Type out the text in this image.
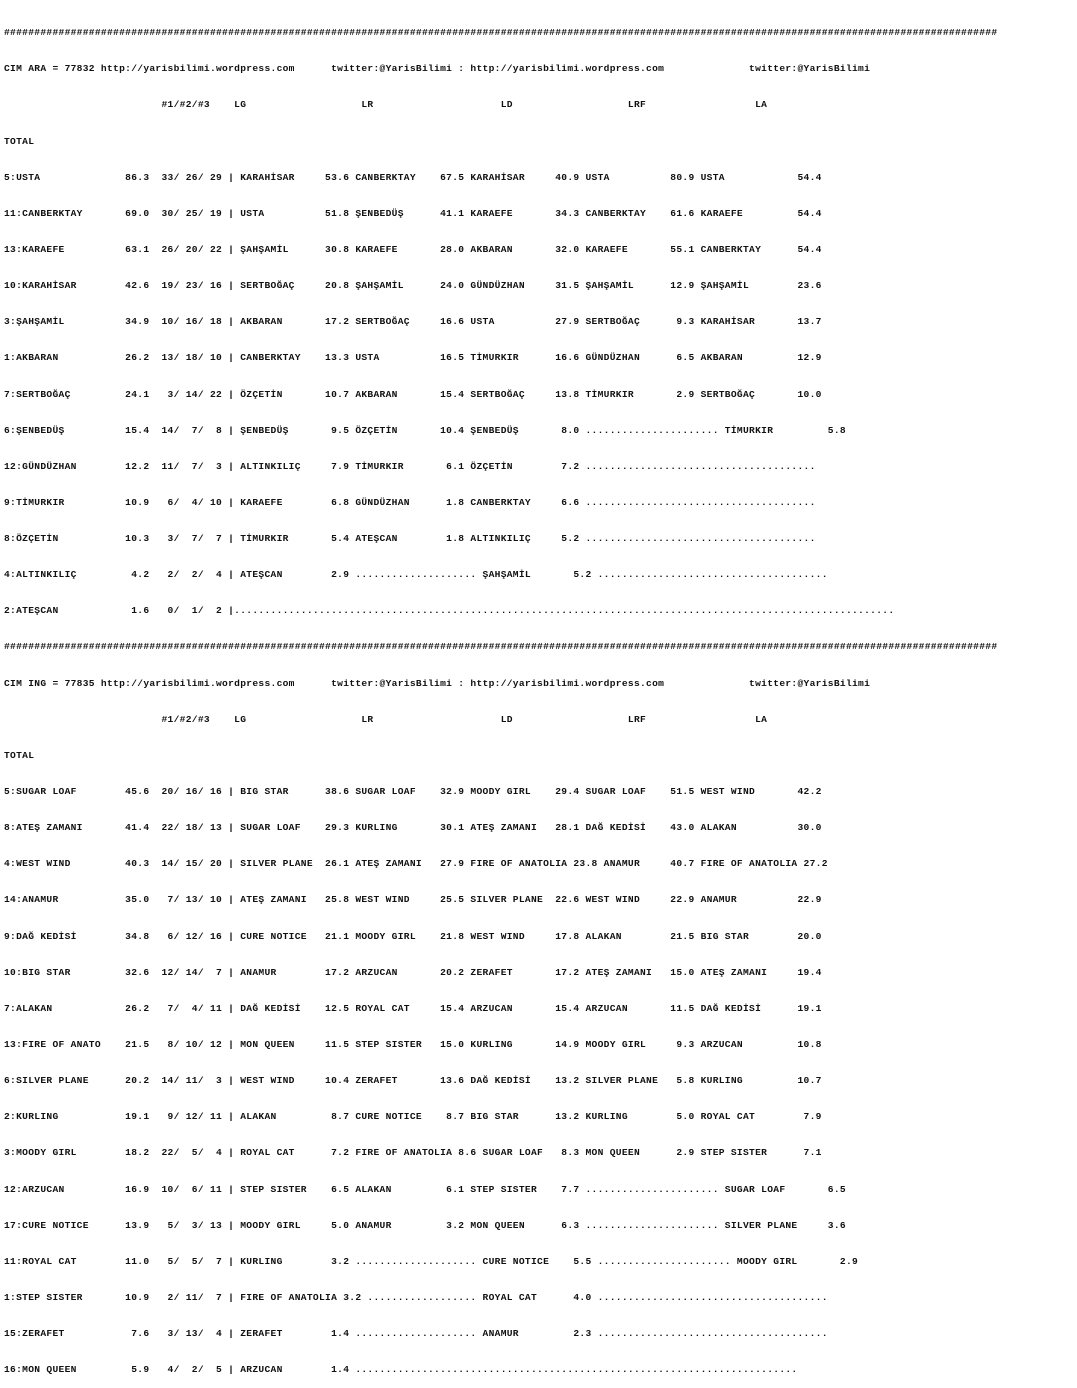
####################################################################################################################################################################

CIM ARA = 77832 http://yarisbilimi.wordpress.com      twitter:@YarisBilimi : http://yarisbilimi.wordpress.com              twitter:@YarisBilimi

#1/#2/#3    LG                   LR                     LD                   LRF                  LA

TOTAL

5:USTA              86.3  33/ 26/ 29 | KARAHİSAR     53.6 CANBERKTAY    67.5 KARAHİSAR     40.9 USTA          80.9 USTA            54.4

11:CANBERKTAY       69.0  30/ 25/ 19 | USTA          51.8 ŞENBEDÜŞ      41.1 KARAEFE       34.3 CANBERKTAY    61.6 KARAEFE         54.4

13:KARAEFE          63.1  26/ 20/ 22 | ŞAHŞAMİL      30.8 KARAEFE       28.0 AKBARAN       32.0 KARAEFE       55.1 CANBERKTAY      54.4

10:KARAHİSAR        42.6  19/ 23/ 16 | SERTBOĞAÇ     20.8 ŞAHŞAMİL      24.0 GÜNDÜZHAN     31.5 ŞAHŞAMİL      12.9 ŞAHŞAMİL        23.6

3:ŞAHŞAMİL          34.9  10/ 16/ 18 | AKBARAN       17.2 SERTBOĞAÇ     16.6 USTA          27.9 SERTBOĞAÇ      9.3 KARAHİSAR       13.7

1:AKBARAN           26.2  13/ 18/ 10 | CANBERKTAY    13.3 USTA          16.5 TİMURKIR      16.6 GÜNDÜZHAN      6.5 AKBARAN         12.9

7:SERTBOĞAÇ         24.1   3/ 14/ 22 | ÖZÇETİN       10.7 AKBARAN       15.4 SERTBOĞAÇ     13.8 TİMURKIR       2.9 SERTBOĞAÇ       10.0

6:ŞENBEDÜŞ          15.4  14/  7/  8 | ŞENBEDÜŞ       9.5 ÖZÇETİN       10.4 ŞENBEDÜŞ       8.0 ...................... TİMURKIR         5.8

12:GÜNDÜZHAN        12.2  11/  7/  3 | ALTINKILIÇ     7.9 TİMURKIR       6.1 ÖZÇETİN        7.2 ......................................

9:TİMURKIR          10.9   6/  4/ 10 | KARAEFE        6.8 GÜNDÜZHAN      1.8 CANBERKTAY     6.6 ......................................

8:ÖZÇETİN           10.3   3/  7/  7 | TİMURKIR       5.4 ATEŞCAN        1.8 ALTINKILIÇ     5.2 ......................................

4:ALTINKILIÇ         4.2   2/  2/  4 | ATEŞCAN        2.9 .................... ŞAHŞAMİL       5.2 ......................................

2:ATEŞCAN            1.6   0/  1/  2 |.............................................................................................................

####################################################################################################################################################################

CIM ING = 77835 http://yarisbilimi.wordpress.com      twitter:@YarisBilimi : http://yarisbilimi.wordpress.com              twitter:@YarisBilimi

#1/#2/#3    LG                   LR                     LD                   LRF                  LA

TOTAL

5:SUGAR LOAF        45.6  20/ 16/ 16 | BIG STAR      38.6 SUGAR LOAF    32.9 MOODY GIRL    29.4 SUGAR LOAF    51.5 WEST WIND       42.2

8:ATEŞ ZAMANI       41.4  22/ 18/ 13 | SUGAR LOAF    29.3 KURLING       30.1 ATEŞ ZAMANI   28.1 DAĞ KEDİSİ    43.0 ALAKAN          30.0

4:WEST WIND         40.3  14/ 15/ 20 | SILVER PLANE  26.1 ATEŞ ZAMANI   27.9 FIRE OF ANATOLIA 23.8 ANAMUR     40.7 FIRE OF ANATOLIA 27.2

14:ANAMUR           35.0   7/ 13/ 10 | ATEŞ ZAMANI   25.8 WEST WIND     25.5 SILVER PLANE  22.6 WEST WIND     22.9 ANAMUR          22.9

9:DAĞ KEDİSİ        34.8   6/ 12/ 16 | CURE NOTICE   21.1 MOODY GIRL    21.8 WEST WIND     17.8 ALAKAN        21.5 BIG STAR        20.0

10:BIG STAR         32.6  12/ 14/  7 | ANAMUR        17.2 ARZUCAN       20.2 ZERAFET       17.2 ATEŞ ZAMANI   15.0 ATEŞ ZAMANI     19.4

7:ALAKAN            26.2   7/  4/ 11 | DAĞ KEDİSİ    12.5 ROYAL CAT     15.4 ARZUCAN       15.4 ARZUCAN       11.5 DAĞ KEDİSİ      19.1

13:FIRE OF ANATO    21.5   8/ 10/ 12 | MON QUEEN     11.5 STEP SISTER   15.0 KURLING       14.9 MOODY GIRL     9.3 ARZUCAN         10.8

6:SILVER PLANE      20.2  14/ 11/  3 | WEST WIND     10.4 ZERAFET       13.6 DAĞ KEDİSİ    13.2 SILVER PLANE   5.8 KURLING         10.7

2:KURLING           19.1   9/ 12/ 11 | ALAKAN         8.7 CURE NOTICE    8.7 BIG STAR      13.2 KURLING        5.0 ROYAL CAT        7.9

3:MOODY GIRL        18.2  22/  5/  4 | ROYAL CAT      7.2 FIRE OF ANATOLIA 8.6 SUGAR LOAF   8.3 MON QUEEN      2.9 STEP SISTER      7.1

12:ARZUCAN          16.9  10/  6/ 11 | STEP SISTER    6.5 ALAKAN         6.1 STEP SISTER    7.7 ...................... SUGAR LOAF       6.5

17:CURE NOTICE      13.9   5/  3/ 13 | MOODY GIRL     5.0 ANAMUR         3.2 MON QUEEN      6.3 ...................... SILVER PLANE     3.6

11:ROYAL CAT        11.0   5/  5/  7 | KURLING        3.2 .................... CURE NOTICE    5.5 ...................... MOODY GIRL       2.9

1:STEP SISTER       10.9   2/ 11/  7 | FIRE OF ANATOLIA 3.2 .................. ROYAL CAT      4.0 ......................................

15:ZERAFET           7.6   3/ 13/  4 | ZERAFET        1.4 .................... ANAMUR         2.3 ......................................

16:MON QUEEN         5.9   4/  2/  5 | ARZUCAN        1.4 .........................................................................
